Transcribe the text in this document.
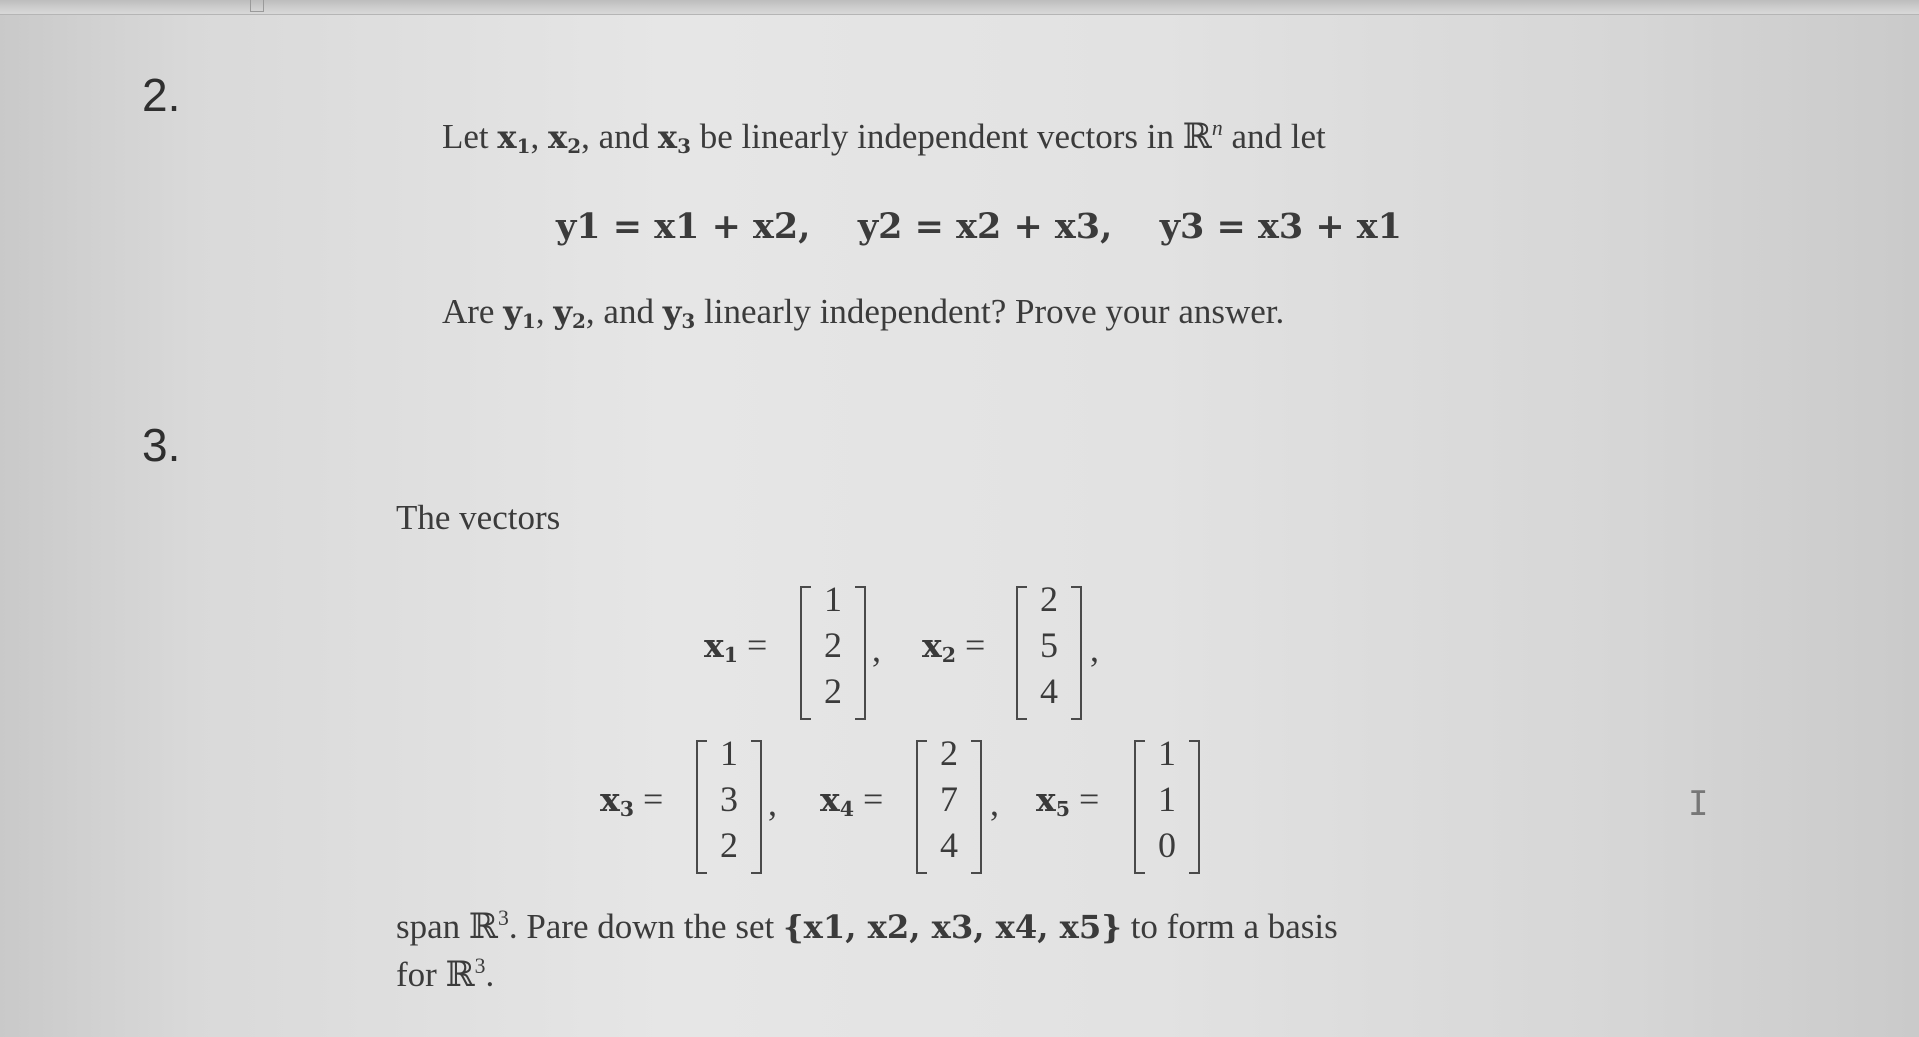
2.
Let $x_1$, $x_2$, and $x_3$ be linearly independent vectors in ℝ$^n$ and let
y1 = x1 + x2, y2 = x2 + x3, y3 = x3 + x1
Are $y_1$, $y_2$, and $y_3$ linearly independent? Prove your answer.
3.
The vectors
$x_1$ =
1
2
2
, $x_2$ =
2
5
4
,
$x_3$ =
1
3
2
, $x_4$ =
2
7
4
, $x_5$ =
1
1
0
span ℝ$^3$. Pare down the set {x1, x2, x3, x4, x5} to form a basis
for ℝ$^3$.
I
